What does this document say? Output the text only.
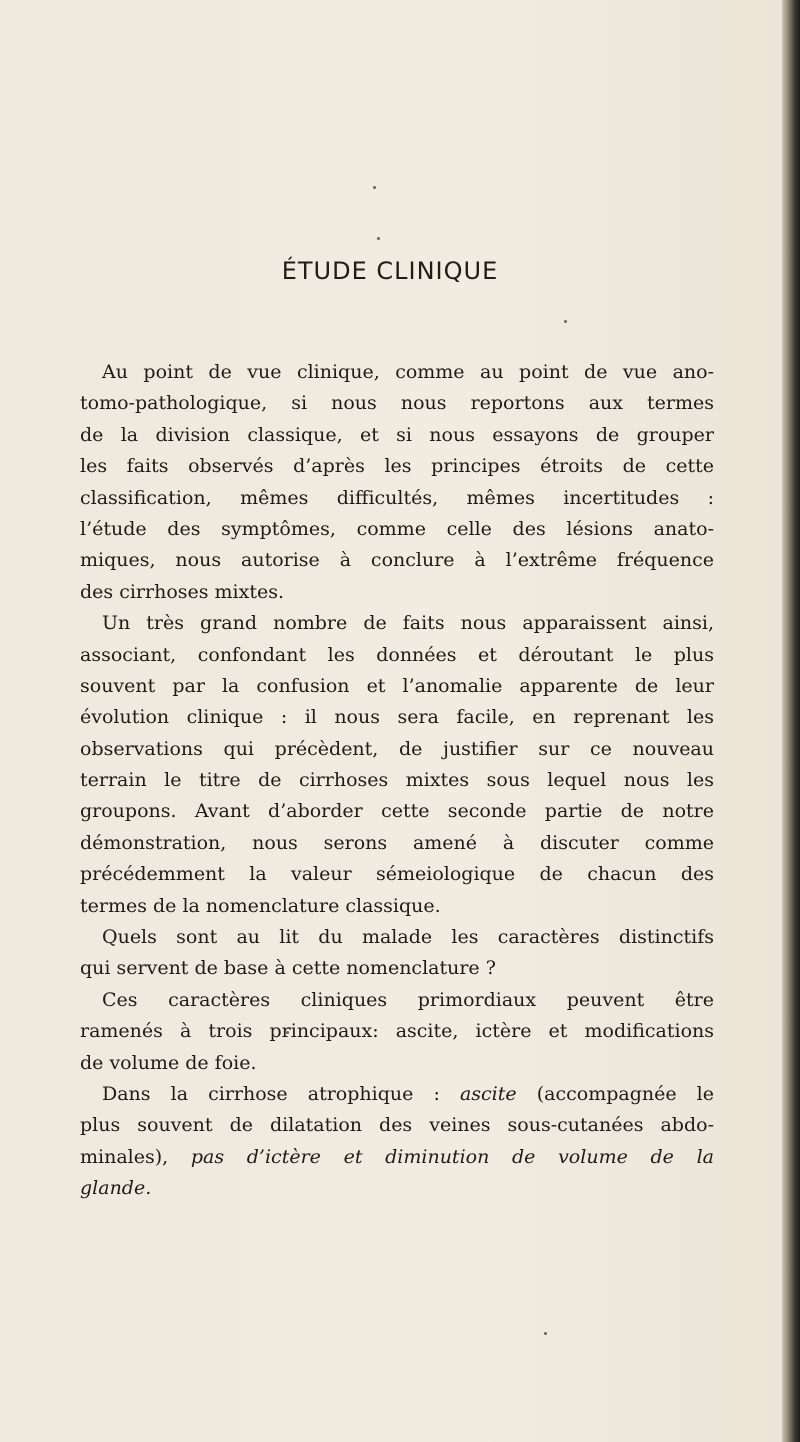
ÉTUDE CLINIQUE
Au point de vue clinique, comme au point de vue ano-
tomo-pathologique, si nous nous reportons aux termes
de la division classique, et si nous essayons de grouper
les faits observés d’après les principes étroits de cette
classification, mêmes difficultés, mêmes incertitudes :
l’étude des symptômes, comme celle des lésions anato-
miques, nous autorise à conclure à l’extrême fréquence
des cirrhoses mixtes.
Un très grand nombre de faits nous apparaissent ainsi,
associant, confondant les données et déroutant le plus
souvent par la confusion et l’anomalie apparente de leur
évolution clinique : il nous sera facile, en reprenant les
observations qui précèdent, de justifier sur ce nouveau
terrain le titre de cirrhoses mixtes sous lequel nous les
groupons. Avant d’aborder cette seconde partie de notre
démonstration, nous serons amené à discuter comme
précédemment la valeur sémeiologique de chacun des
termes de la nomenclature classique.
Quels sont au lit du malade les caractères distinctifs
qui servent de base à cette nomenclature ?
Ces caractères cliniques primordiaux peuvent être
ramenés à trois principaux: ascite, ictère et modifications
de volume de foie.
Dans la cirrhose atrophique : ascite (accompagnée le
plus souvent de dilatation des veines sous-cutanées abdo-
minales), pas d’ictère et diminution de volume de la
glande.
